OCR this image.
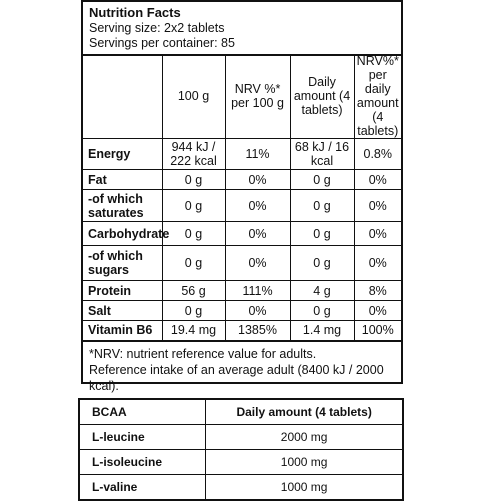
Nutrition Facts
Serving size: 2x2 tablets
Servings per container: 85
	100 g	NRV %* per 100 g	Daily amount (4 tablets)	NRV%* per daily amount (4 tablets)
Energy	944 kJ / 222 kcal	11%	68 kJ / 16 kcal	0.8%
Fat	0 g	0%	0 g	0%
-of which saturates	0 g	0%	0 g	0%
Carbohydrate	0 g	0%	0 g	0%
-of which sugars	0 g	0%	0 g	0%
Protein	56 g	111%	4 g	8%
Salt	0 g	0%	0 g	0%
Vitamin B6	19.4 mg	1385%	1.4 mg	100%
*NRV: nutrient reference value for adults.
Reference intake of an average adult (8400 kJ / 2000 kcal).
BCAA	Daily amount (4 tablets)
L-leucine	2000 mg
L-isoleucine	1000 mg
L-valine	1000 mg
